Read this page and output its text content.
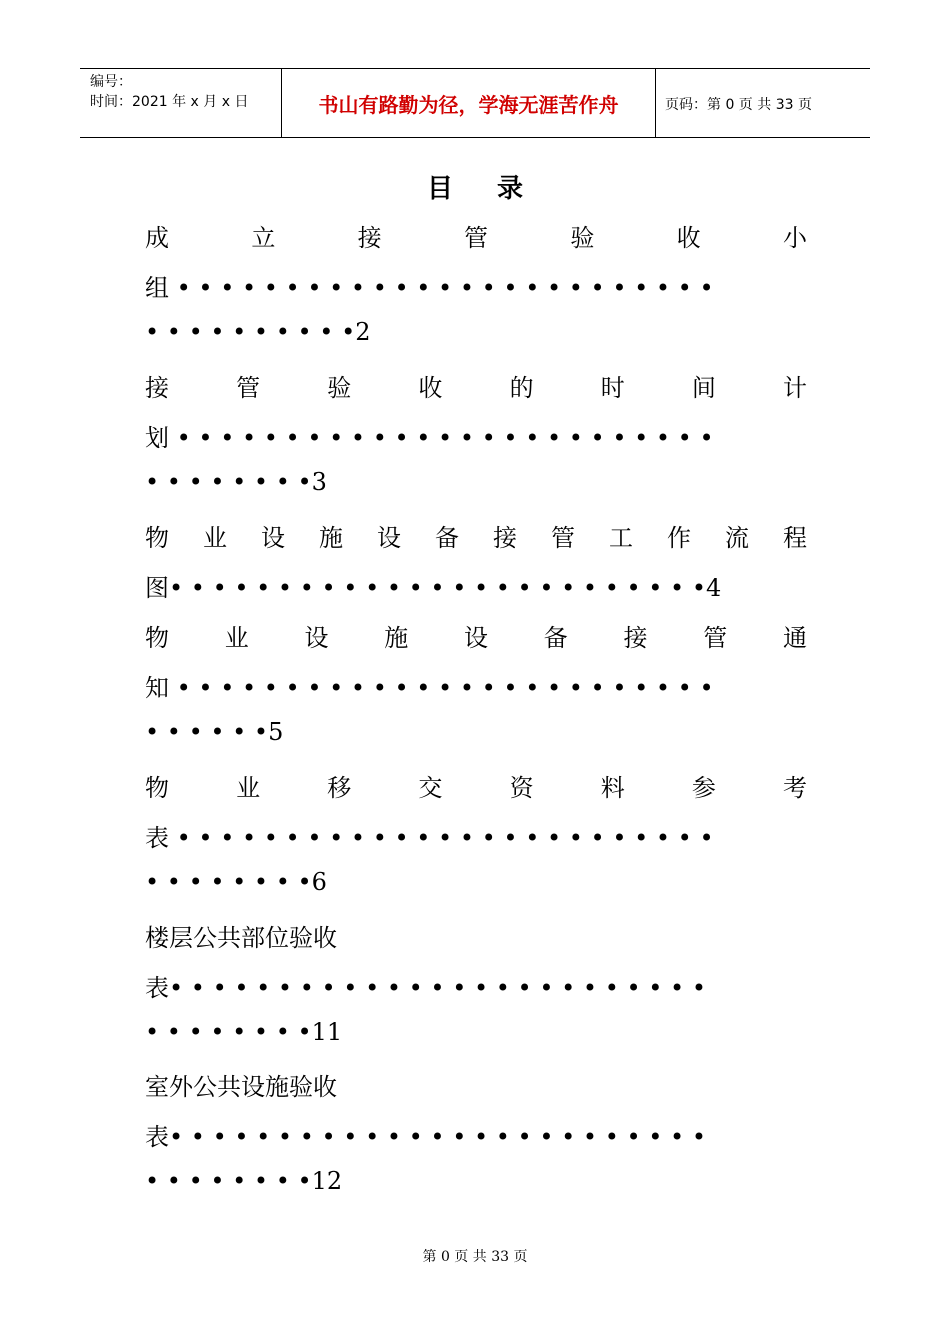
编号：
时间：2021 年 x 月 x 日	书山有路勤为径，学海无涯苦作舟	页码：第 0 页 共 33 页
目录
成	立	接	管	验	收	小
组 • • • • • • • • • • • • • • • • • • • • • • • • •
• • • • • • • • • •2
接	管	验	收	的	时	间	计
划 • • • • • • • • • • • • • • • • • • • • • • • • •
• • • • • • • •3
物 业 设 施 设 备 接 管 工 作 流 程
图• • • • • • • • • • • • • • • • • • • • • • • • •4
物 业 设 施 设 备 接 管 通
知 • • • • • • • • • • • • • • • • • • • • • • • • •
• • • • • •5
物	业	移	交	资	料	参	考
表 • • • • • • • • • • • • • • • • • • • • • • • • •
• • • • • • • •6
楼层公共部位验收
表• • • • • • • • • • • • • • • • • • • • • • • • •
• • • • • • • •11
室外公共设施验收
表• • • • • • • • • • • • • • • • • • • • • • • • •
• • • • • • • •12
第 0 页 共 33 页
